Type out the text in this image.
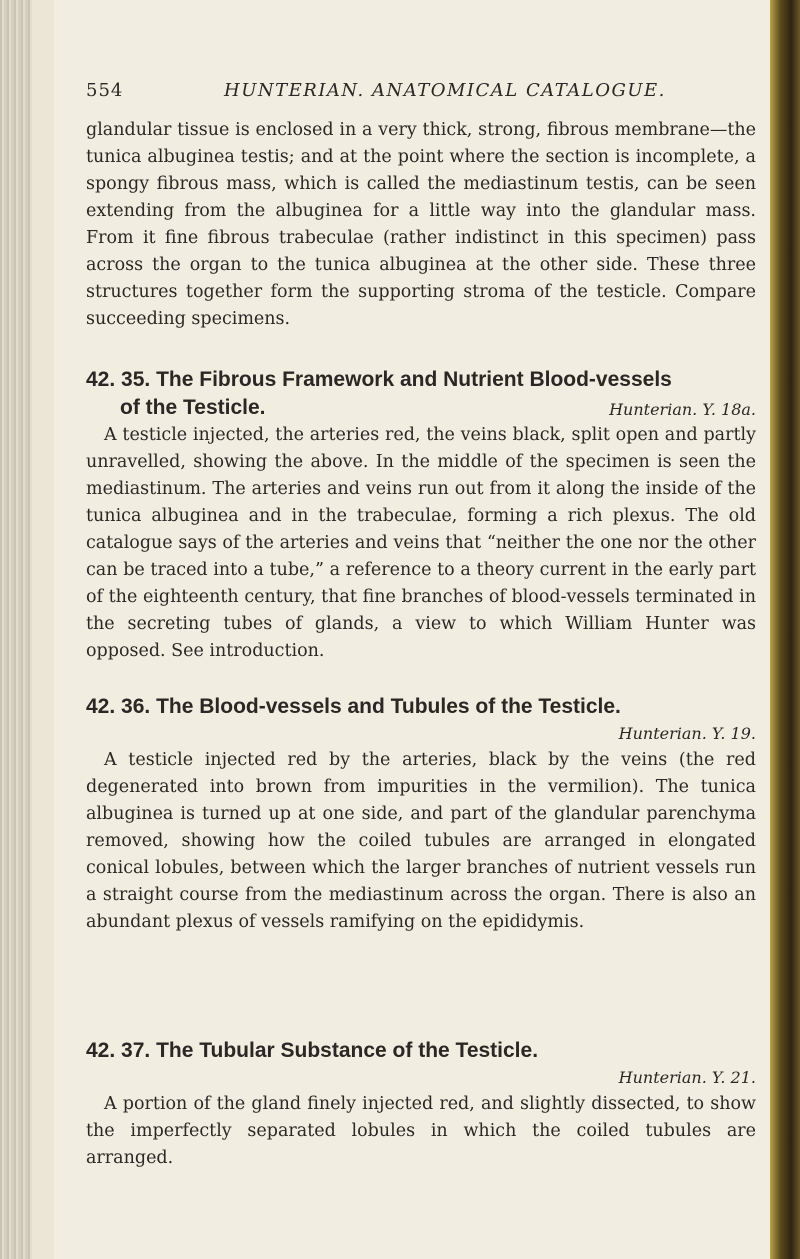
554	HUNTERIAN. ANATOMICAL CATALOGUE.

glandular tissue is enclosed in a very thick, strong, fibrous membrane—the tunica albuginea testis; and at the point where the section is incomplete, a spongy fibrous mass, which is called the mediastinum testis, can be seen extending from the albuginea for a little way into the glandular mass. From it fine fibrous trabeculae (rather indistinct in this specimen) pass across the organ to the tunica albuginea at the other side. These three structures together form the supporting stroma of the testicle. Compare succeeding specimens.

42. 35. The Fibrous Framework and Nutrient Blood-vessels
of the Testicle.	Hunterian. Y. 18a.

A testicle injected, the arteries red, the veins black, split open and partly unravelled, showing the above. In the middle of the specimen is seen the mediastinum. The arteries and veins run out from it along the inside of the tunica albuginea and in the trabeculae, forming a rich plexus. The old catalogue says of the arteries and veins that “neither the one nor the other can be traced into a tube,” a reference to a theory current in the early part of the eighteenth century, that fine branches of blood-vessels terminated in the secreting tubes of glands, a view to which William Hunter was opposed. See introduction.

42. 36. The Blood-vessels and Tubules of the Testicle.
Hunterian. Y. 19.

A testicle injected red by the arteries, black by the veins (the red degenerated into brown from impurities in the vermilion). The tunica albuginea is turned up at one side, and part of the glandular parenchyma removed, showing how the coiled tubules are arranged in elongated conical lobules, between which the larger branches of nutrient vessels run a straight course from the mediastinum across the organ. There is also an abundant plexus of vessels ramifying on the epididymis.

42. 37. The Tubular Substance of the Testicle.
Hunterian. Y. 21.

A portion of the gland finely injected red, and slightly dissected, to show the imperfectly separated lobules in which the coiled tubules are arranged.
